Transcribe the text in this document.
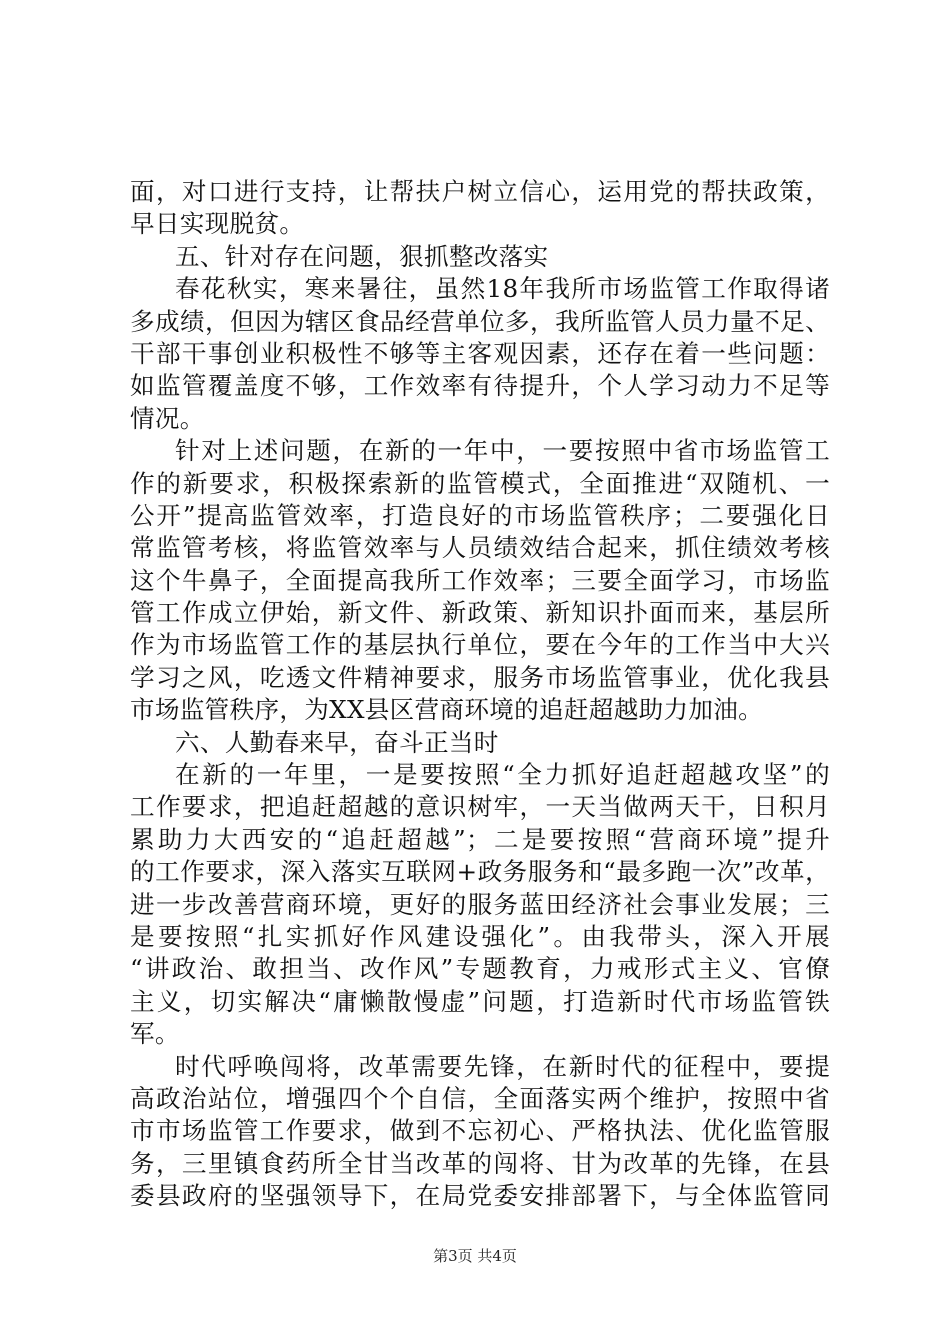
面，对口进行支持，让帮扶户树立信心，运用党的帮扶政策，
早日实现脱贫。
五、针对存在问题，狠抓整改落实
春花秋实，寒来暑往，虽然18年我所市场监管工作取得诸
多成绩，但因为辖区食品经营单位多，我所监管人员力量不足、
干部干事创业积极性不够等主客观因素，还存在着一些问题：
如监管覆盖度不够，工作效率有待提升，个人学习动力不足等
情况。
针对上述问题，在新的一年中，一要按照中省市场监管工
作的新要求，积极探索新的监管模式，全面推进“双随机、一
公开”提高监管效率，打造良好的市场监管秩序；二要强化日
常监管考核，将监管效率与人员绩效结合起来，抓住绩效考核
这个牛鼻子，全面提高我所工作效率；三要全面学习，市场监
管工作成立伊始，新文件、新政策、新知识扑面而来，基层所
作为市场监管工作的基层执行单位，要在今年的工作当中大兴
学习之风，吃透文件精神要求，服务市场监管事业，优化我县
市场监管秩序，为XX县区营商环境的追赶超越助力加油。
六、人勤春来早，奋斗正当时
在新的一年里，一是要按照“全力抓好追赶超越攻坚”的
工作要求，把追赶超越的意识树牢，一天当做两天干，日积月
累助力大西安的“追赶超越”；二是要按照“营商环境”提升
的工作要求，深入落实互联网+政务服务和“最多跑一次”改革，
进一步改善营商环境，更好的服务蓝田经济社会事业发展；三
是要按照“扎实抓好作风建设强化”。由我带头，深入开展
“讲政治、敢担当、改作风”专题教育，力戒形式主义、官僚
主义，切实解决“庸懒散慢虚”问题，打造新时代市场监管铁
军。
时代呼唤闯将，改革需要先锋，在新时代的征程中，要提
高政治站位，增强四个个自信，全面落实两个维护，按照中省
市市场监管工作要求，做到不忘初心、严格执法、优化监管服
务，三里镇食药所全甘当改革的闯将、甘为改革的先锋，在县
委县政府的坚强领导下，在局党委安排部署下，与全体监管同
第3页 共4页
